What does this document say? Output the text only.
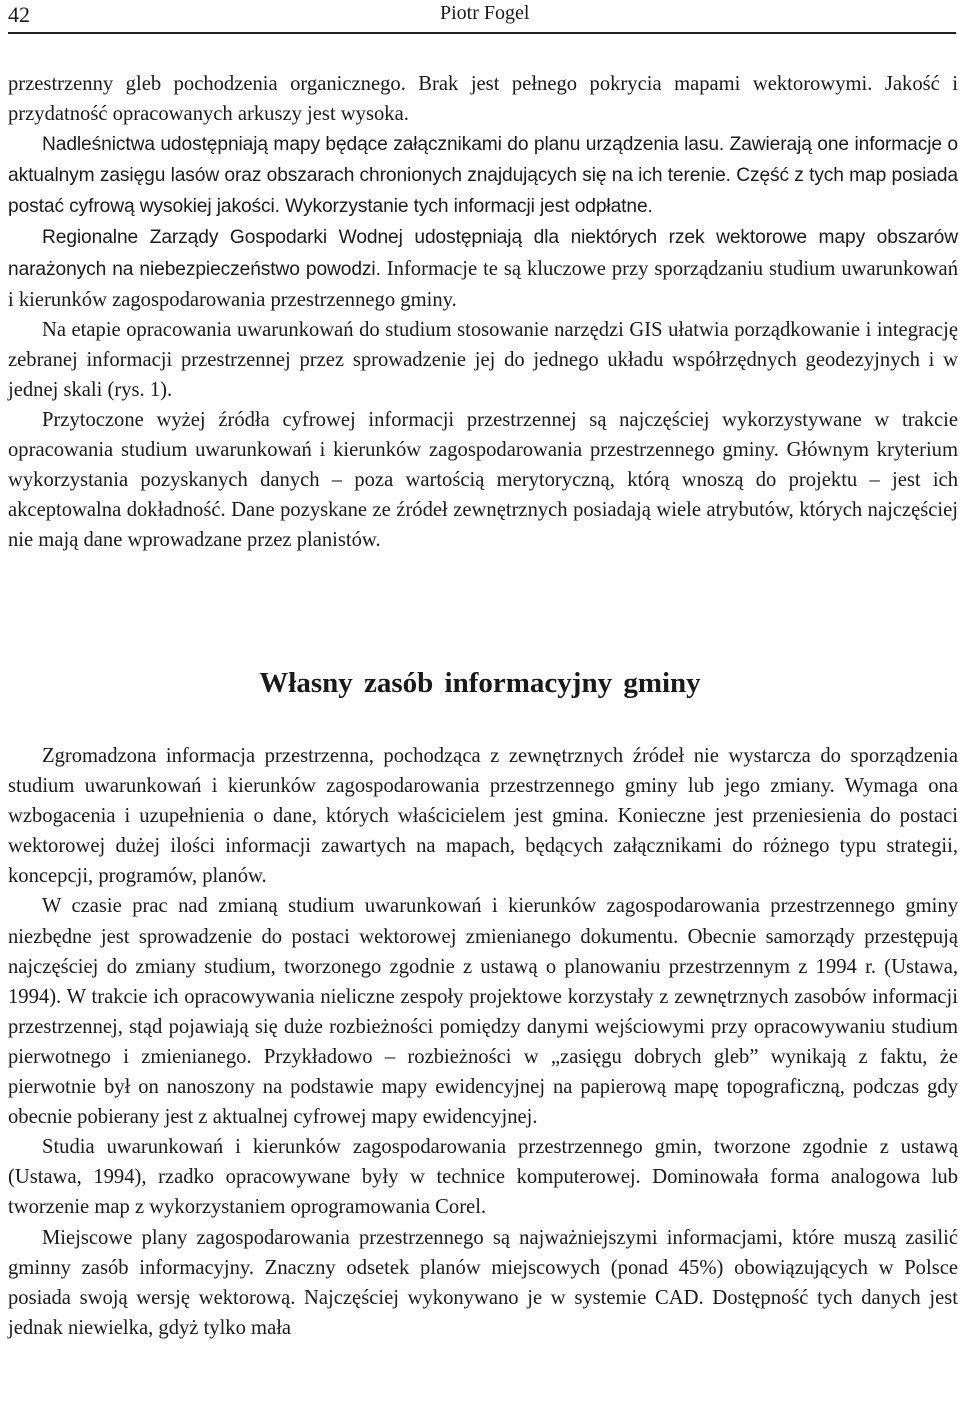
42	Piotr Fogel

przestrzenny gleb pochodzenia organicznego. Brak jest pełnego pokrycia mapami wektorowymi. Jakość i przydatność opracowanych arkuszy jest wysoka.

Nadleśnictwa udostępniają mapy będące załącznikami do planu urządzenia lasu. Zawierają one informacje o aktualnym zasięgu lasów oraz obszarach chronionych znajdujących się na ich terenie. Część z tych map posiada postać cyfrową wysokiej jakości. Wykorzystanie tych informacji jest odpłatne.

Regionalne Zarządy Gospodarki Wodnej udostępniają dla niektórych rzek wektorowe mapy obszarów narażonych na niebezpieczeństwo powodzi. Informacje te są kluczowe przy sporządzaniu studium uwarunkowań i kierunków zagospodarowania przestrzennego gminy.

Na etapie opracowania uwarunkowań do studium stosowanie narzędzi GIS ułatwia porządkowanie i integrację zebranej informacji przestrzennej przez sprowadzenie jej do jednego układu współrzędnych geodezyjnych i w jednej skali (rys. 1).

Przytoczone wyżej źródła cyfrowej informacji przestrzennej są najczęściej wykorzystywane w trakcie opracowania studium uwarunkowań i kierunków zagospodarowania przestrzennego gminy. Głównym kryterium wykorzystania pozyskanych danych – poza wartością merytoryczną, którą wnoszą do projektu – jest ich akceptowalna dokładność. Dane pozyskane ze źródeł zewnętrznych posiadają wiele atrybutów, których najczęściej nie mają dane wprowadzane przez planistów.

Własny zasób informacyjny gminy

Zgromadzona informacja przestrzenna, pochodząca z zewnętrznych źródeł nie wystarcza do sporządzenia studium uwarunkowań i kierunków zagospodarowania przestrzennego gminy lub jego zmiany. Wymaga ona wzbogacenia i uzupełnienia o dane, których właścicielem jest gmina. Konieczne jest przeniesienia do postaci wektorowej dużej ilości informacji zawartych na mapach, będących załącznikami do różnego typu strategii, koncepcji, programów, planów.

W czasie prac nad zmianą studium uwarunkowań i kierunków zagospodarowania przestrzennego gminy niezbędne jest sprowadzenie do postaci wektorowej zmienianego dokumentu. Obecnie samorządy przestępują najczęściej do zmiany studium, tworzonego zgodnie z ustawą o planowaniu przestrzennym z 1994 r. (Ustawa, 1994). W trakcie ich opracowywania nieliczne zespoły projektowe korzystały z zewnętrznych zasobów informacji przestrzennej, stąd pojawiają się duże rozbieżności pomiędzy danymi wejściowymi przy opracowywaniu studium pierwotnego i zmienianego. Przykładowo – rozbieżności w „zasięgu dobrych gleb” wynikają z faktu, że pierwotnie był on nanoszony na podstawie mapy ewidencyjnej na papierową mapę topograficzną, podczas gdy obecnie pobierany jest z aktualnej cyfrowej mapy ewidencyjnej.

Studia uwarunkowań i kierunków zagospodarowania przestrzennego gmin, tworzone zgodnie z ustawą (Ustawa, 1994), rzadko opracowywane były w technice komputerowej. Dominowała forma analogowa lub tworzenie map z wykorzystaniem oprogramowania Corel.

Miejscowe plany zagospodarowania przestrzennego są najważniejszymi informacjami, które muszą zasilić gminny zasób informacyjny. Znaczny odsetek planów miejscowych (ponad 45%) obowiązujących w Polsce posiada swoją wersję wektorową. Najczęściej wykonywano je w systemie CAD. Dostępność tych danych jest jednak niewielka, gdyż tylko mała
